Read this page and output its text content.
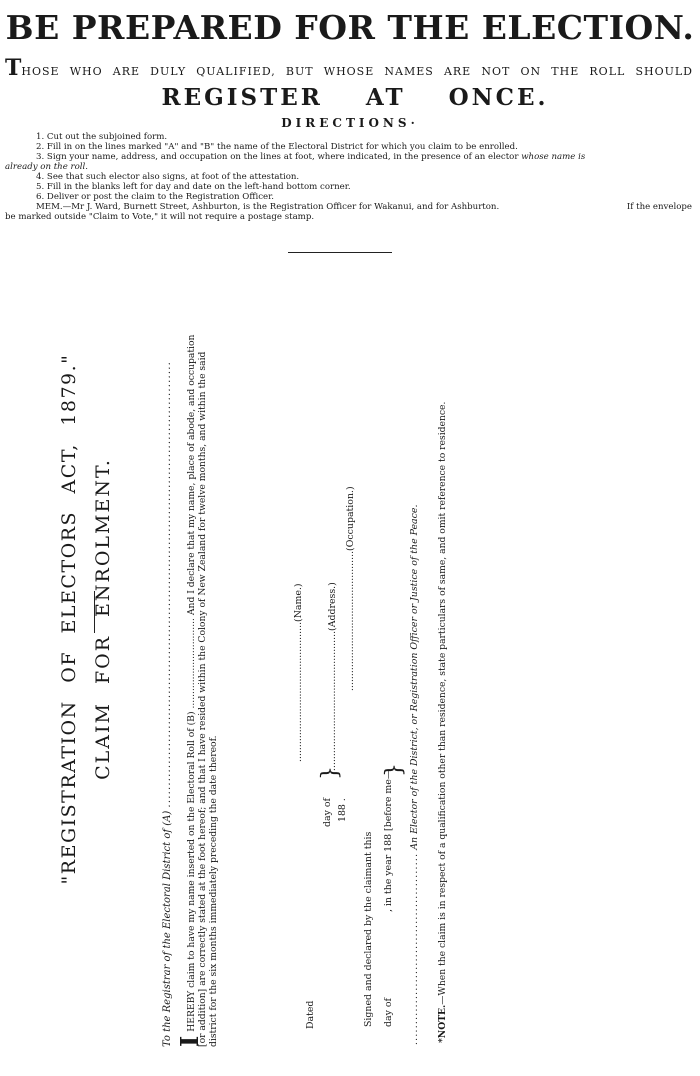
BE PREPARED FOR THE ELECTION.
T HOSE WHO ARE DULY QUALIFIED, BUT WHOSE NAMES ARE NOT ON THE ROLL SHOULD
REGISTER AT ONCE.
DIRECTIONS·
1. Cut out the subjoined form.
2. Fill in on the lines marked "A" and "B" the name of the Electoral District for which you claim to be enrolled.
3. Sign your name, address, and occupation on the lines at foot, where indicated, in the presence of an elector whose name is
already on the roll.
4. See that such elector also signs, at foot of the attestation.
5. Fill in the blanks left for day and date on the left-hand bottom corner.
6. Deliver or post the claim to the Registration Officer.
MEM.—Mr J. Ward, Burnett Street, Ashburton, is the Registration Officer for Wakanui, and for Ashburton.	If the envelope
be marked outside "Claim to Vote," it will not require a postage stamp.
"REGISTRATION OF ELECTORS ACT, 1879." CLAIM FOR ENROLMENT.
To the Registrar of the Electoral District of (A) ......................................................................................................
IHEREBY claim to have my name inserted on the Electoral Roll of (B) ............................... And I declare that my name, place of abode, and occupation [or addition] are correctly stated at the foot hereof; and that I have resided within the Colony of New Zealand for twelve months, and within the said district for the six months immediately preceding the date thereof.
...............................................(Name.)
Dated
day of 188 .
}
...............................................(Address.) ...............................................(Occupation.)
Signed and declared by the claimant this day of  , in the year 188 [before me—
}
.............................................. An Elector of the District, or Registration Officer or Justice of the Peace.
*NOTE.—When the claim is in respect of a qualification other than residence, state particulars of same, and omit reference to residence.
